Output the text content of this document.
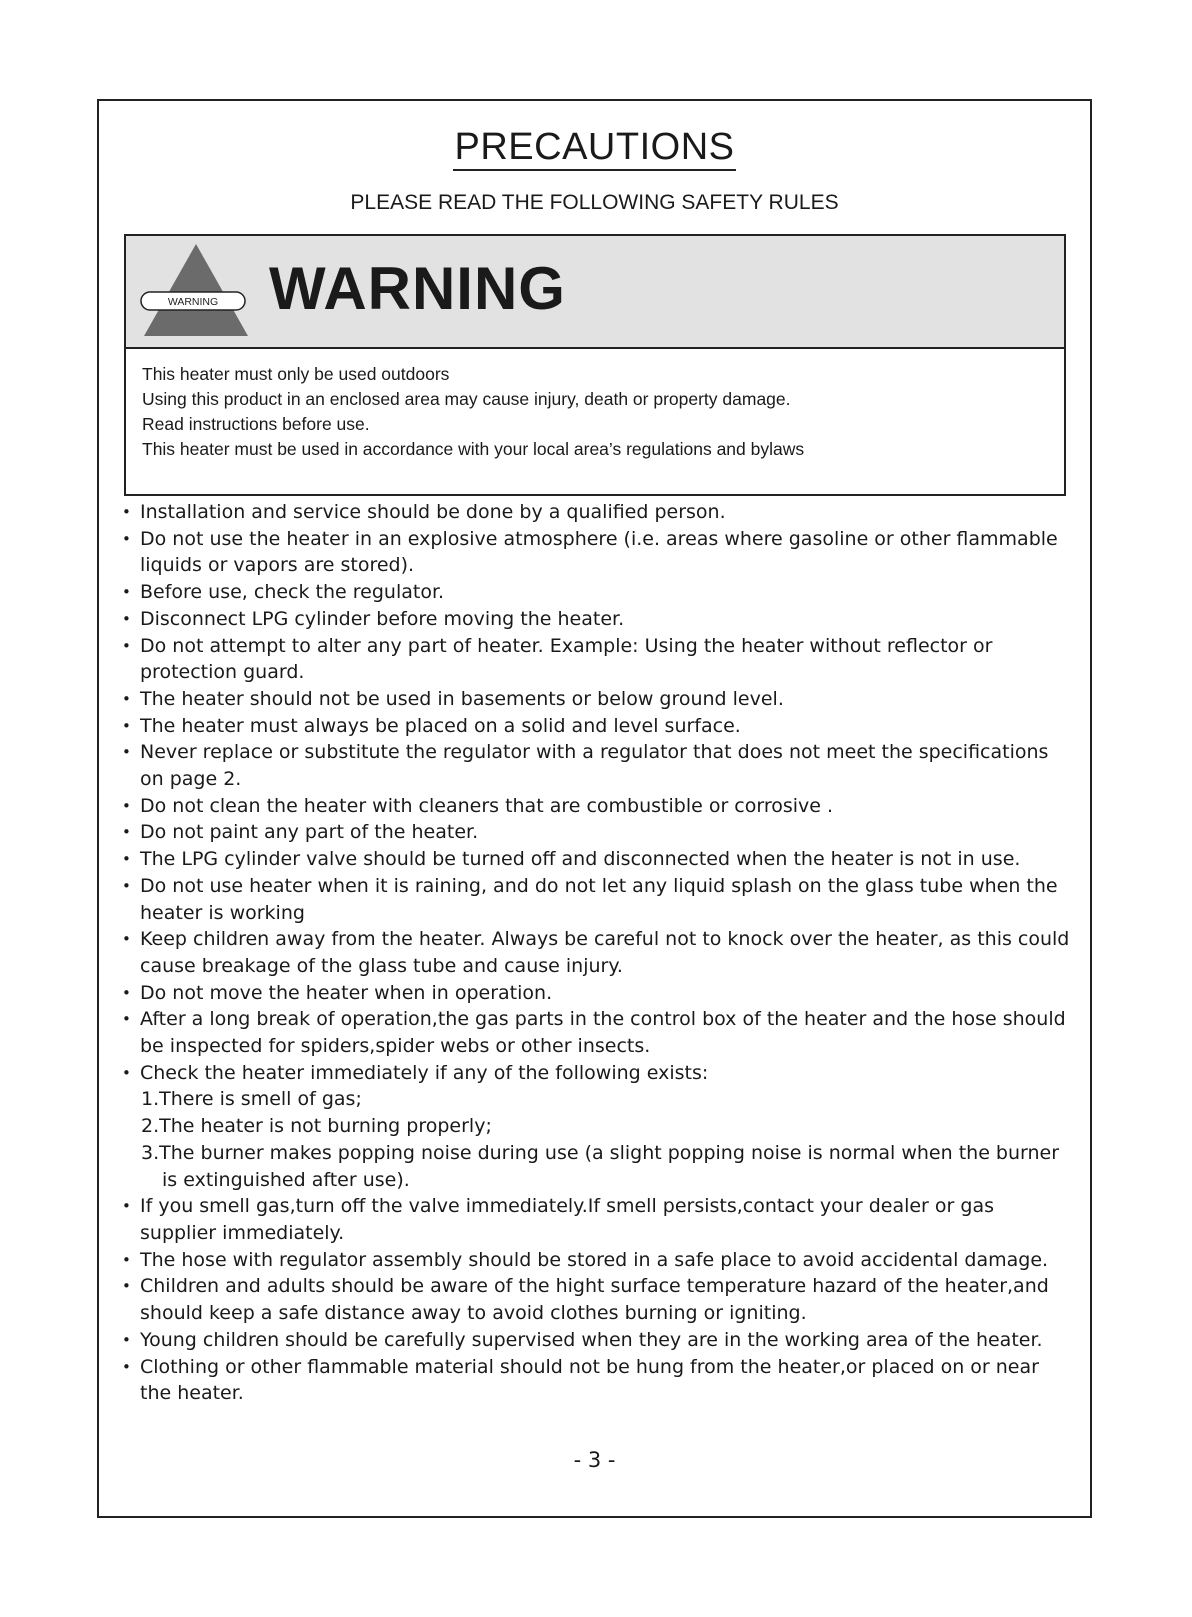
PRECAUTIONS
PLEASE READ THE FOLLOWING SAFETY RULES
WARNING WARNING
This heater must only be used outdoors
Using this product in an enclosed area may cause injury, death or property damage.
Read instructions before use.
This heater must be used in accordance with your local area’s regulations and bylaws
• Installation and service should be done by a qualified person.
• Do not use the heater in an explosive atmosphere (i.e. areas where gasoline or other flammable liquids or vapors are stored).
• Before use, check the regulator.
• Disconnect LPG cylinder before moving the heater.
• Do not attempt to alter any part of heater. Example: Using the heater without reflector or protection guard.
• The heater should not be used in basements or below ground level.
• The heater must always be placed on a solid and level surface.
• Never replace or substitute the regulator with a regulator that does not meet the specifications on page 2.
• Do not clean the heater with cleaners that are combustible or corrosive .
• Do not paint any part of the heater.
• The LPG cylinder valve should be turned off and disconnected when the heater is not in use.
• Do not use heater when it is raining, and do not let any liquid splash on the glass tube when the heater is working
• Keep children away from the heater. Always be careful not to knock over the heater, as this could cause breakage of the glass tube and cause injury.
• Do not move the heater when in operation.
• After a long break of operation,the gas parts in the control box of the heater and the hose should be inspected for spiders,spider webs or other insects.
• Check the heater immediately if any of the following exists:
1.There is smell of gas;
2.The heater is not burning properly;
3.The burner makes popping noise during use (a slight popping noise is normal when the burner is extinguished after use).
• If you smell gas,turn off the valve immediately.If smell persists,contact your dealer or gas supplier immediately.
• The hose with regulator assembly should be stored in a safe place to avoid accidental damage.
• Children and adults should be aware of the hight surface temperature hazard of the heater,and should keep a safe distance away to avoid clothes burning or igniting.
• Young children should be carefully supervised when they are in the working area of the heater.
• Clothing or other flammable material should not be hung from the heater,or placed on or near the heater.
- 3 -
